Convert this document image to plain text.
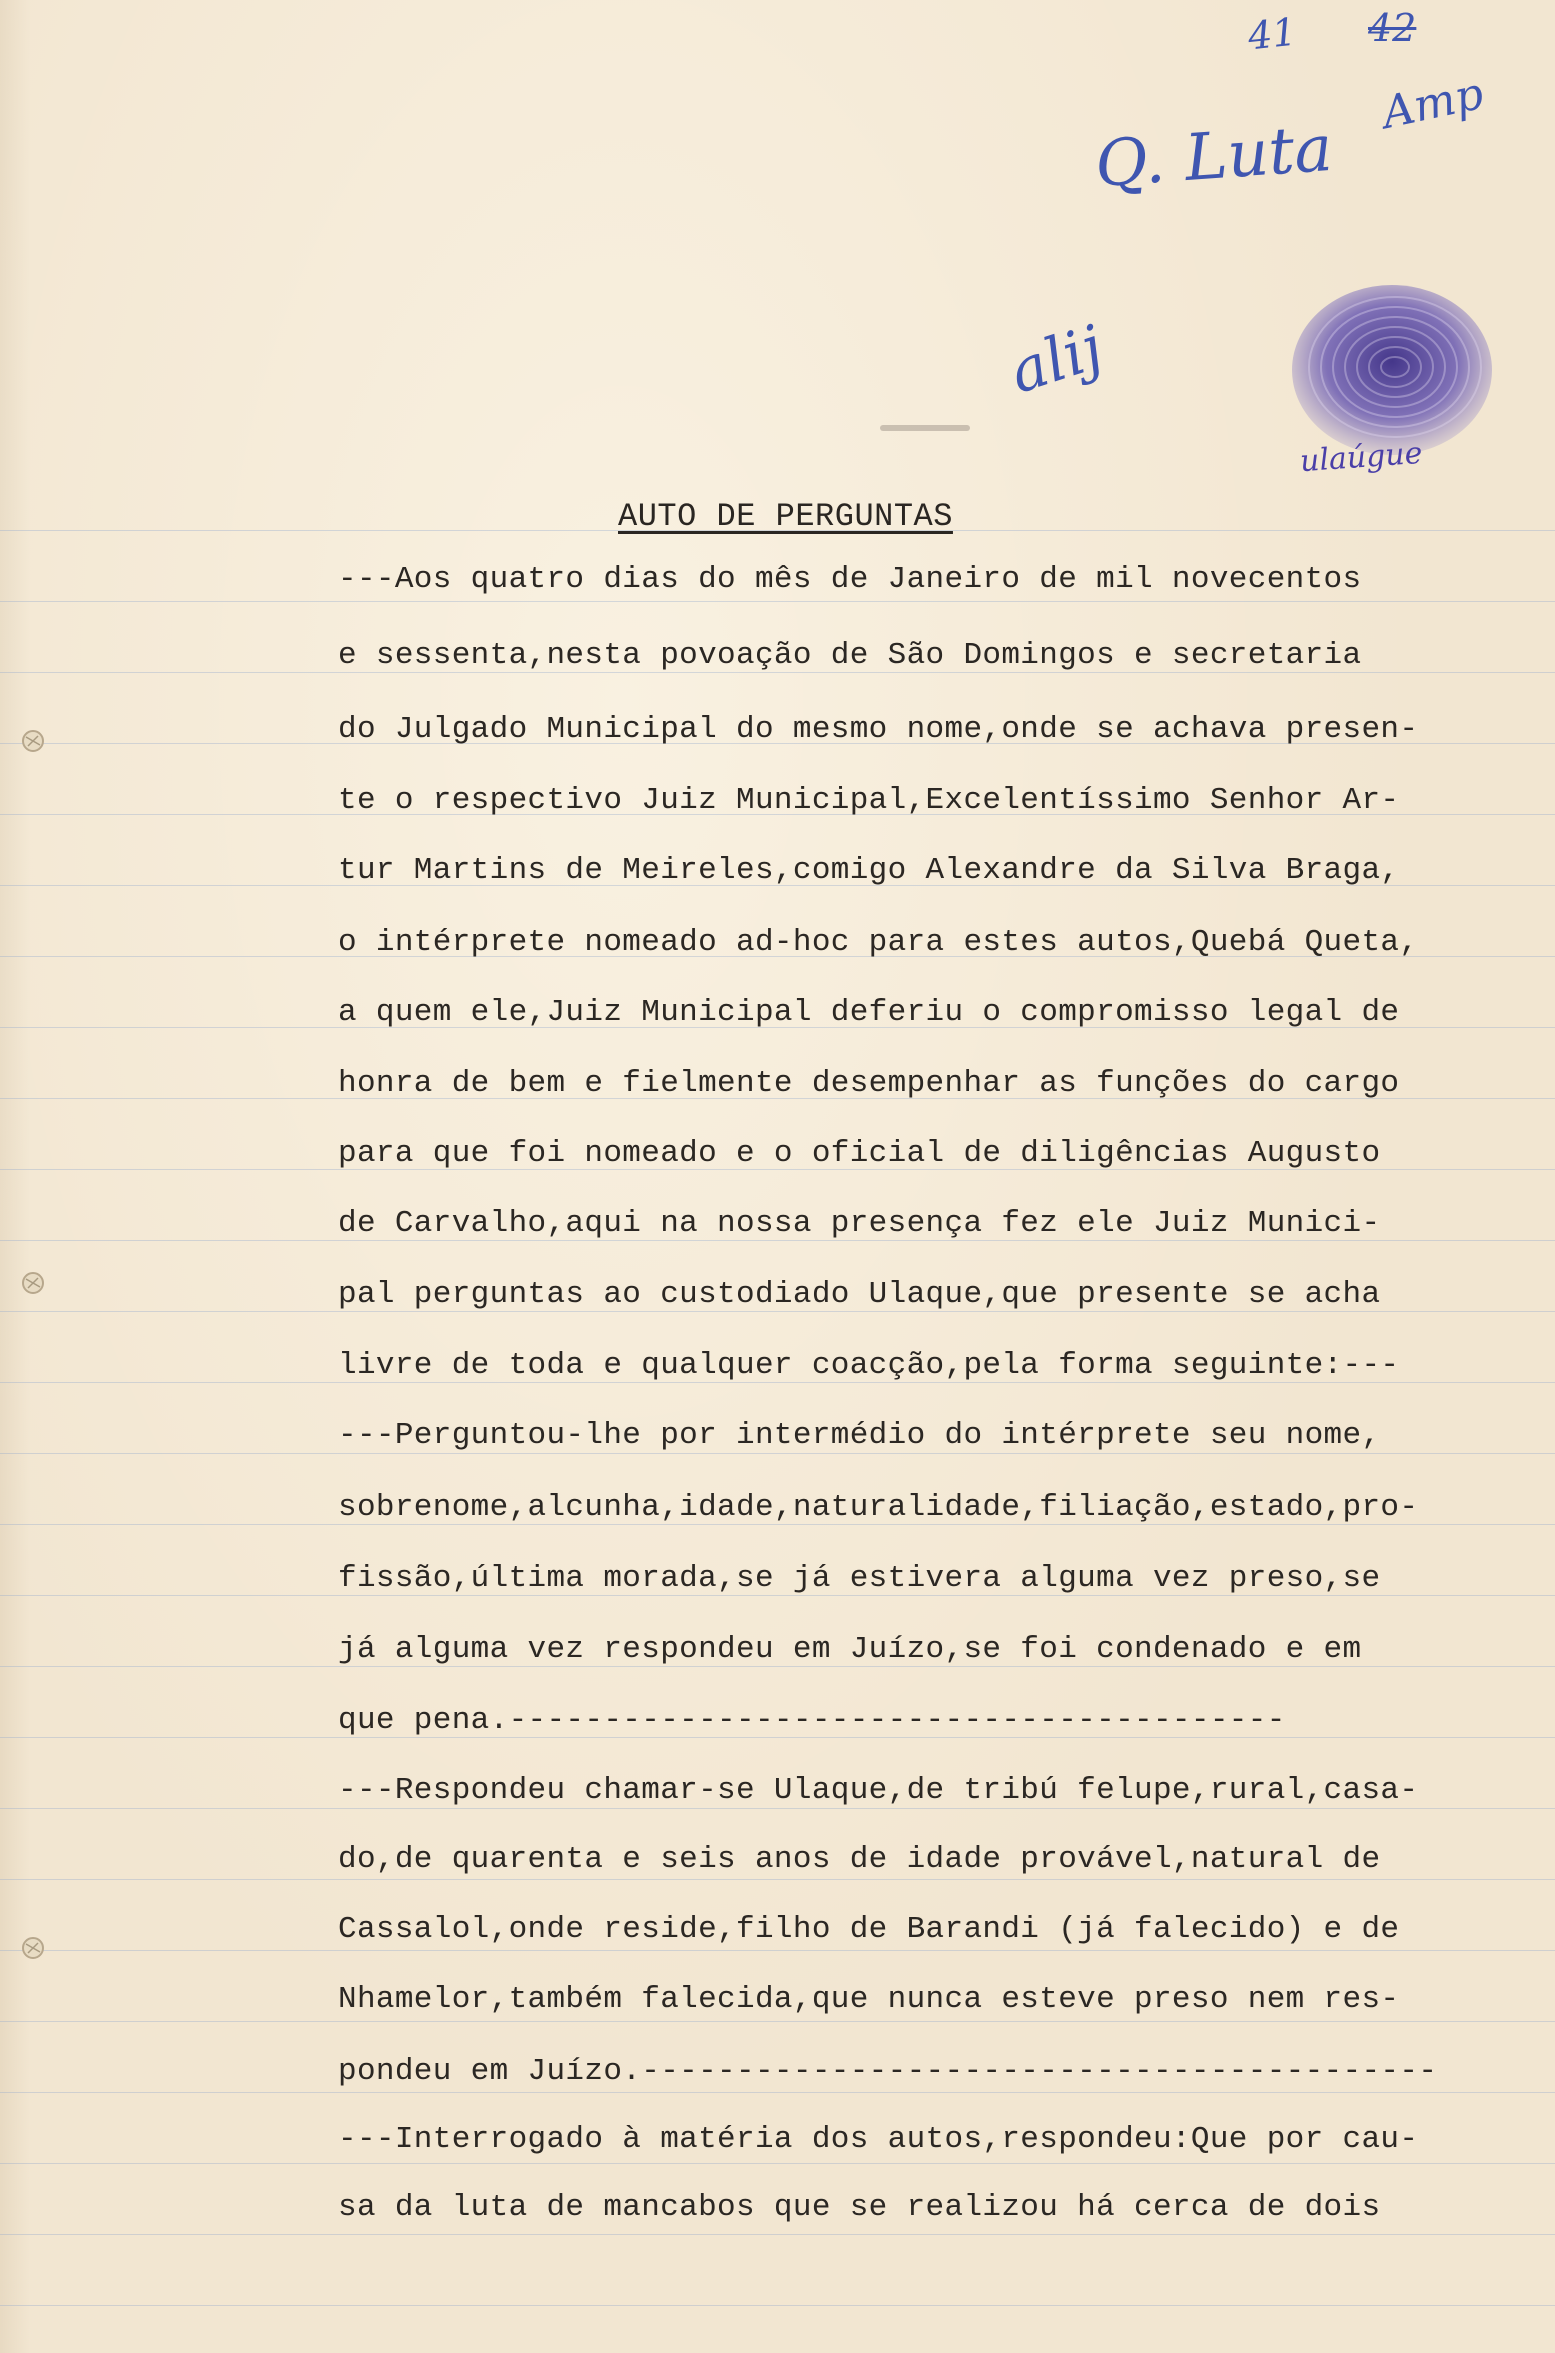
41 42
Q. Luta
alij
Amp
ulaúgue
AUTO DE PERGUNTAS
---Aos quatro dias do mês de Janeiro de mil novecentos
e sessenta,nesta povoação de São Domingos e secretaria
do Julgado Municipal do mesmo nome,onde se achava presen-
te o respectivo Juiz Municipal,Excelentíssimo Senhor Ar-
tur Martins de Meireles,comigo Alexandre da Silva Braga,
o intérprete nomeado ad-hoc para estes autos,Quebá Queta,
a quem ele,Juiz Municipal deferiu o compromisso legal de
honra de bem e fielmente desempenhar as funções do cargo
para que foi nomeado e o oficial de diligências Augusto
de Carvalho,aqui na nossa presença fez ele Juiz Munici-
pal perguntas ao custodiado Ulaque,que presente se acha
livre de toda e qualquer coacção,pela forma seguinte:---
---Perguntou-lhe por intermédio do intérprete seu nome,
sobrenome,alcunha,idade,naturalidade,filiação,estado,pro-
fissão,última morada,se já estivera alguma vez preso,se
já alguma vez respondeu em Juízo,se foi condenado e em
que pena.-----------------------------------------
---Respondeu chamar-se Ulaque,de tribú felupe,rural,casa-
do,de quarenta e seis anos de idade provável,natural de
Cassalol,onde reside,filho de Barandi (já falecido) e de
Nhamelor,também falecida,que nunca esteve preso nem res-
pondeu em Juízo.------------------------------------------
---Interrogado à matéria dos autos,respondeu:Que por cau-
sa da luta de mancabos que se realizou há cerca de dois
